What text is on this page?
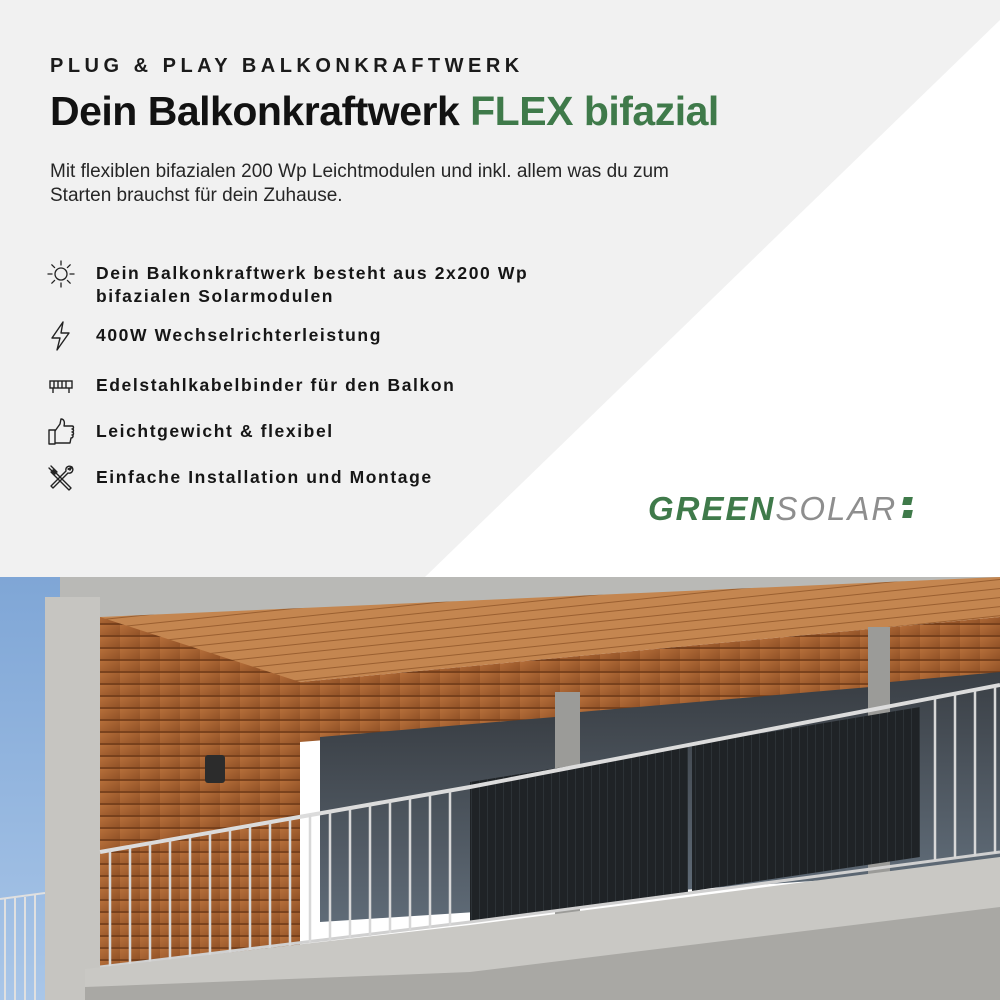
PLUG & PLAY BALKONKRAFTWERK
Dein Balkonkraftwerk FLEX bifazial
Mit flexiblen bifazialen 200 Wp Leichtmodulen und inkl. allem was du zum Starten brauchst für dein Zuhause.
Dein Balkonkraftwerk besteht aus 2x200 Wp bifazialen Solarmodulen
400W Wechselrichterleistung
Edelstahlkabelbinder für den Balkon
Leichtgewicht & flexibel
Einfache Installation und Montage
GREENSOLAR
